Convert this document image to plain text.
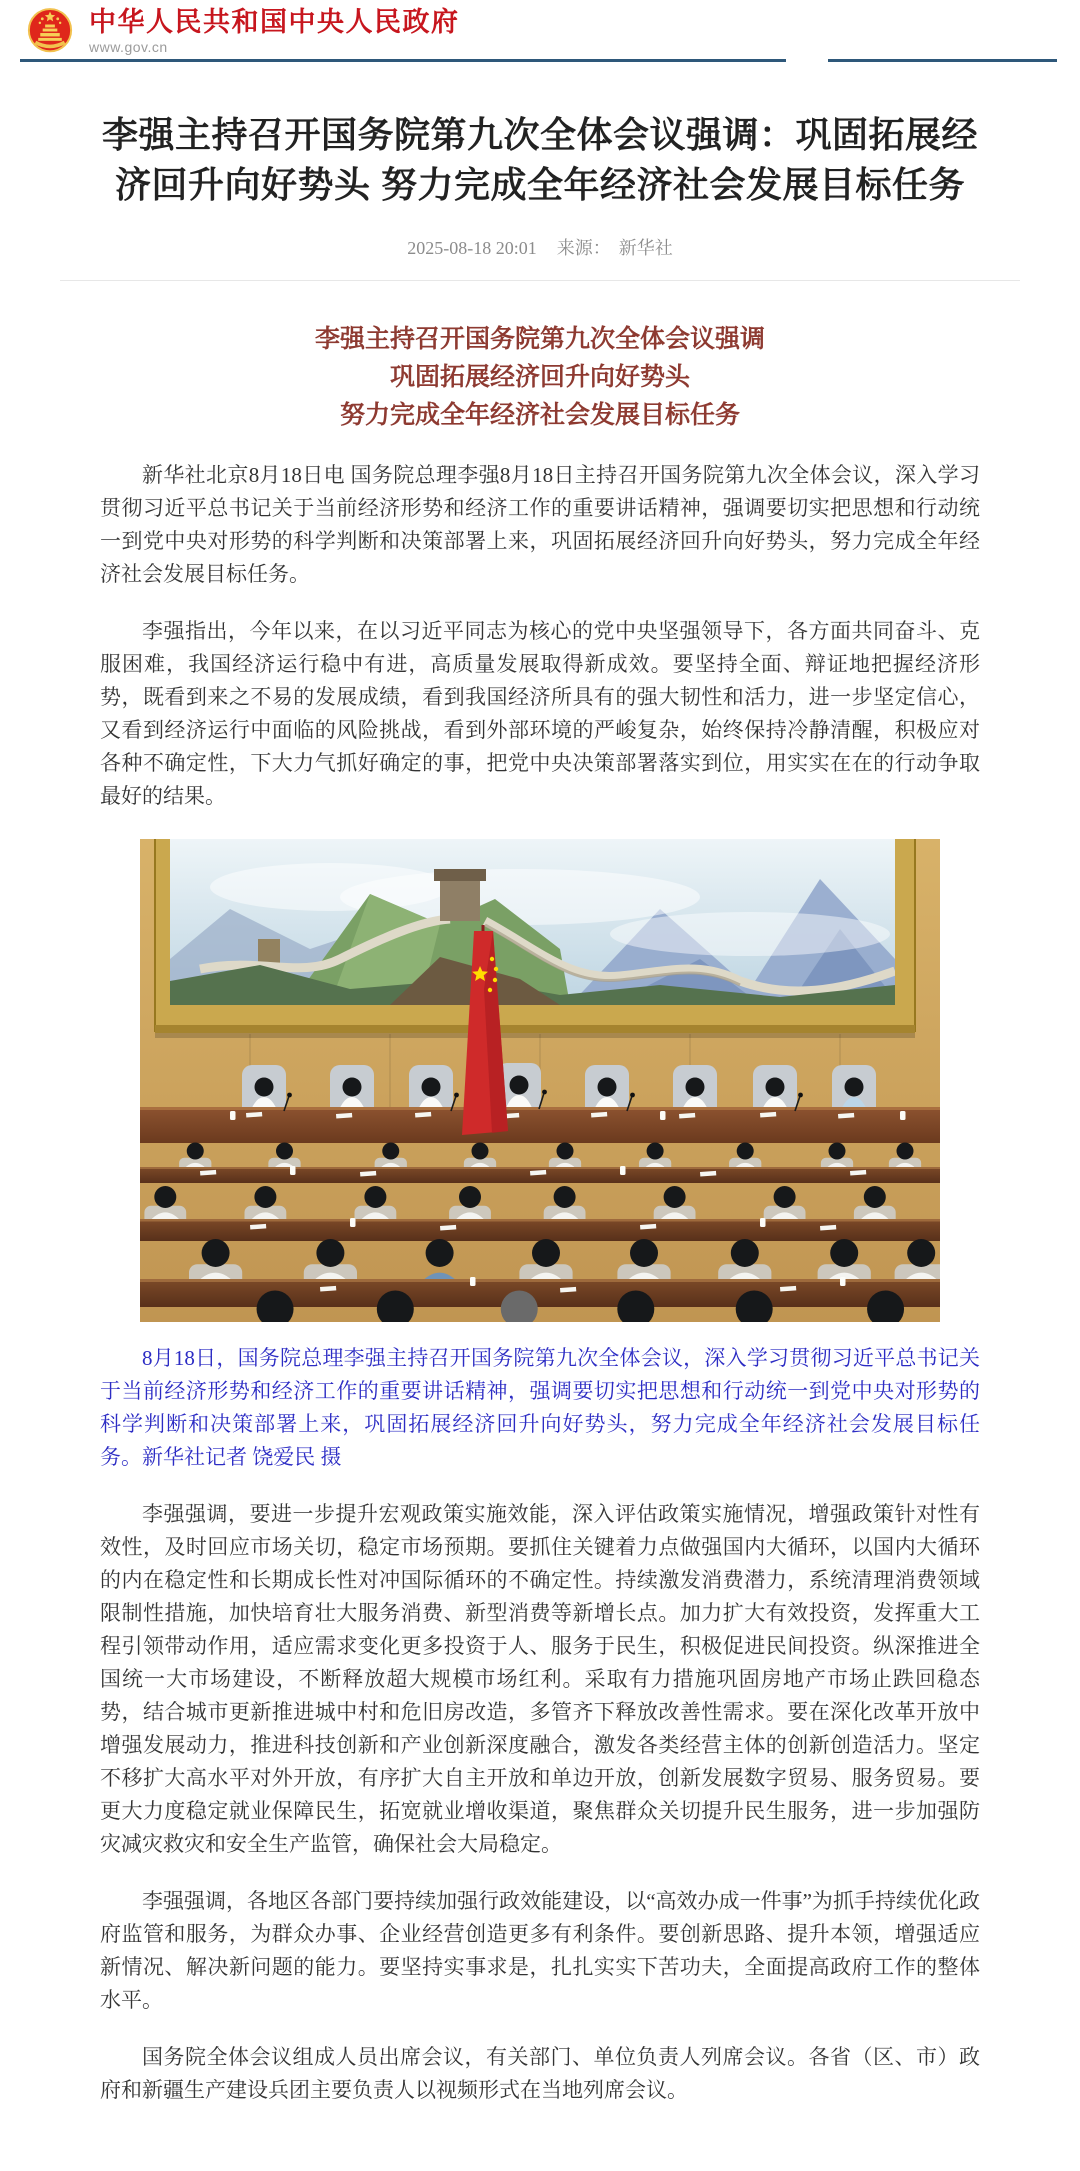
中华人民共和国中央人民政府
www.gov.cn
李强主持召开国务院第九次全体会议强调：巩固拓展经济回升向好势头 努力完成全年经济社会发展目标任务
2025-08-18 20:01 来源： 新华社
李强主持召开国务院第九次全体会议强调
巩固拓展经济回升向好势头
努力完成全年经济社会发展目标任务

新华社北京8月18日电 国务院总理李强8月18日主持召开国务院第九次全体会议，深入学习贯彻习近平总书记关于当前经济形势和经济工作的重要讲话精神，强调要切实把思想和行动统一到党中央对形势的科学判断和决策部署上来，巩固拓展经济回升向好势头，努力完成全年经济社会发展目标任务。

李强指出，今年以来，在以习近平同志为核心的党中央坚强领导下，各方面共同奋斗、克服困难，我国经济运行稳中有进，高质量发展取得新成效。要坚持全面、辩证地把握经济形势，既看到来之不易的发展成绩，看到我国经济所具有的强大韧性和活力，进一步坚定信心，又看到经济运行中面临的风险挑战，看到外部环境的严峻复杂，始终保持冷静清醒，积极应对各种不确定性，下大力气抓好确定的事，把党中央决策部署落实到位，用实实在在的行动争取最好的结果。

8月18日，国务院总理李强主持召开国务院第九次全体会议，深入学习贯彻习近平总书记关于当前经济形势和经济工作的重要讲话精神，强调要切实把思想和行动统一到党中央对形势的科学判断和决策部署上来，巩固拓展经济回升向好势头，努力完成全年经济社会发展目标任务。新华社记者 饶爱民 摄

李强强调，要进一步提升宏观政策实施效能，深入评估政策实施情况，增强政策针对性有效性，及时回应市场关切，稳定市场预期。要抓住关键着力点做强国内大循环，以国内大循环的内在稳定性和长期成长性对冲国际循环的不确定性。持续激发消费潜力，系统清理消费领域限制性措施，加快培育壮大服务消费、新型消费等新增长点。加力扩大有效投资，发挥重大工程引领带动作用，适应需求变化更多投资于人、服务于民生，积极促进民间投资。纵深推进全国统一大市场建设，不断释放超大规模市场红利。采取有力措施巩固房地产市场止跌回稳态势，结合城市更新推进城中村和危旧房改造，多管齐下释放改善性需求。要在深化改革开放中增强发展动力，推进科技创新和产业创新深度融合，激发各类经营主体的创新创造活力。坚定不移扩大高水平对外开放，有序扩大自主开放和单边开放，创新发展数字贸易、服务贸易。要更大力度稳定就业保障民生，拓宽就业增收渠道，聚焦群众关切提升民生服务，进一步加强防灾减灾救灾和安全生产监管，确保社会大局稳定。

李强强调，各地区各部门要持续加强行政效能建设，以“高效办成一件事”为抓手持续优化政府监管和服务，为群众办事、企业经营创造更多有利条件。要创新思路、提升本领，增强适应新情况、解决新问题的能力。要坚持实事求是，扎扎实实下苦功夫，全面提高政府工作的整体水平。

国务院全体会议组成人员出席会议，有关部门、单位负责人列席会议。各省（区、市）政府和新疆生产建设兵团主要负责人以视频形式在当地列席会议。
